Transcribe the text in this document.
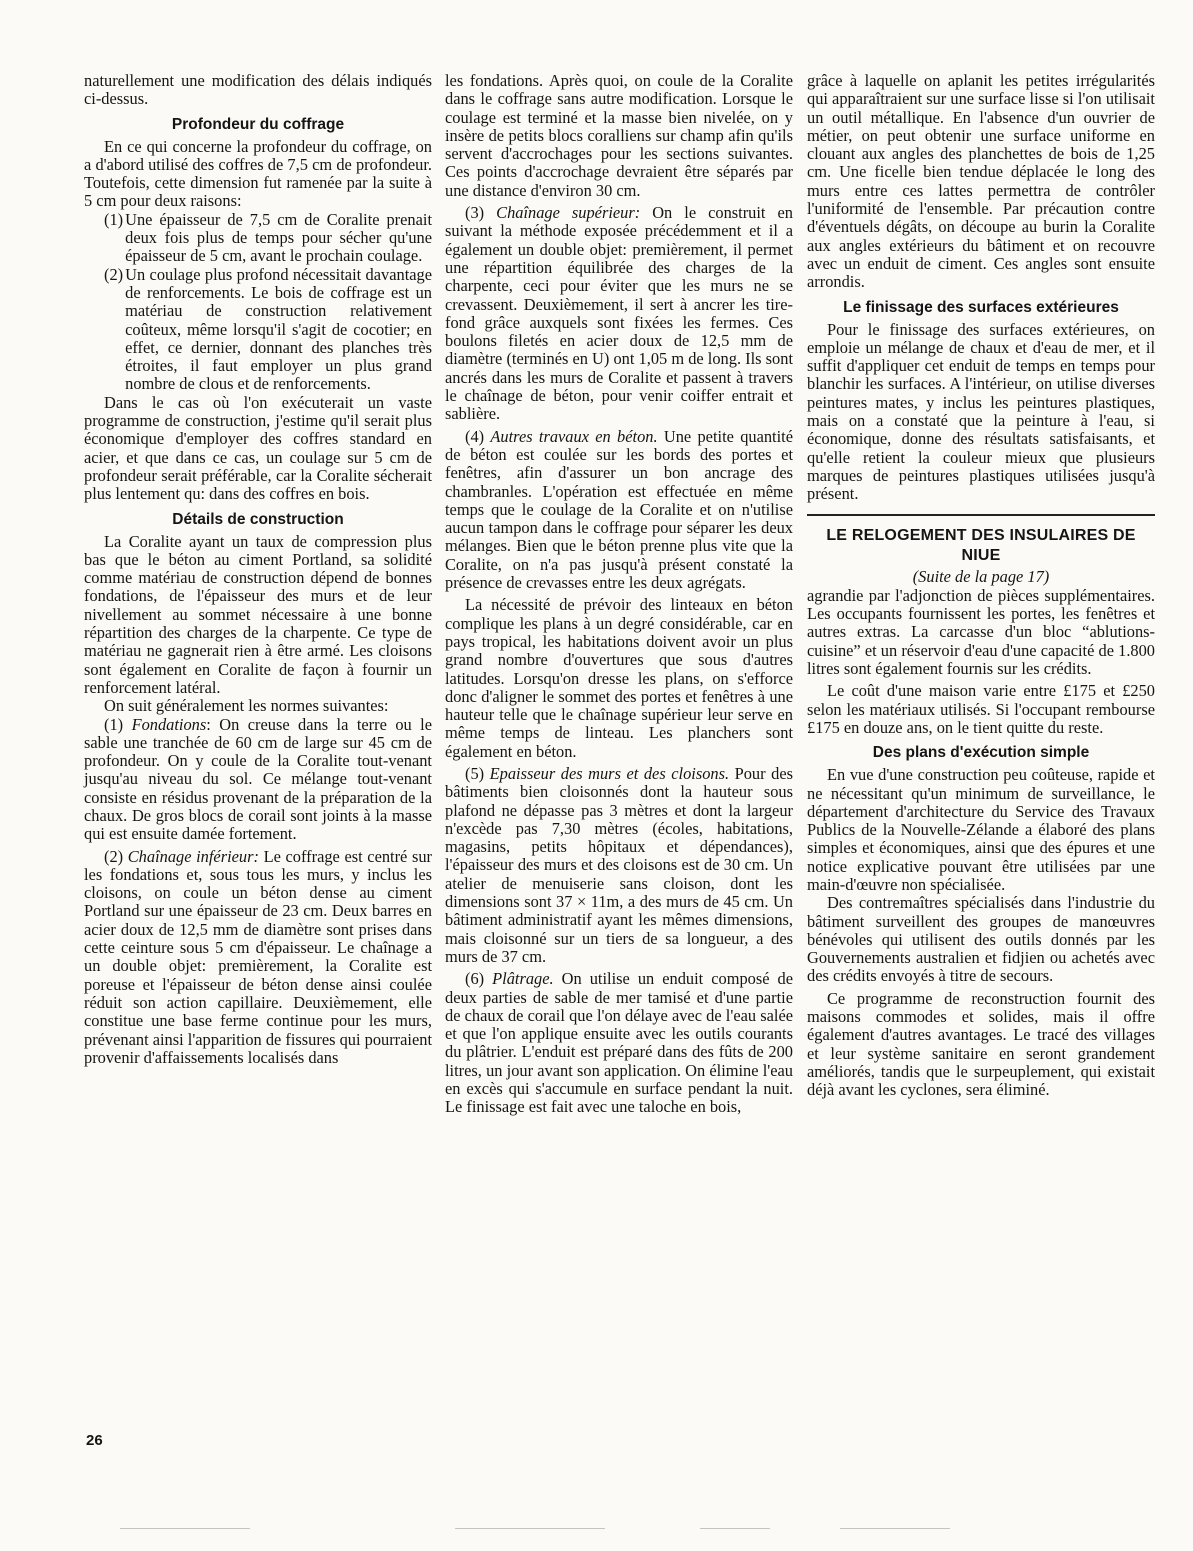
naturellement une modification des délais indiqués ci-dessus.

Profondeur du coffrage

En ce qui concerne la profondeur du coffrage, on a d'abord utilisé des coffres de 7,5 cm de profondeur. Toutefois, cette dimension fut ramenée par la suite à 5 cm pour deux raisons:

(1) Une épaisseur de 7,5 cm de Coralite prenait deux fois plus de temps pour sécher qu'une épaisseur de 5 cm, avant le prochain coulage.
(2) Un coulage plus profond nécessitait davantage de renforcements. Le bois de coffrage est un matériau de construction relativement coûteux, même lorsqu'il s'agit de cocotier; en effet, ce dernier, donnant des planches très étroites, il faut employer un plus grand nombre de clous et de renforcements.

Dans le cas où l'on exécuterait un vaste programme de construction, j'estime qu'il serait plus économique d'employer des coffres standard en acier, et que dans ce cas, un coulage sur 5 cm de profondeur serait préférable, car la Coralite sécherait plus lentement qu: dans des coffres en bois.

Détails de construction

La Coralite ayant un taux de compression plus bas que le béton au ciment Portland, sa solidité comme matériau de construction dépend de bonnes fondations, de l'épaisseur des murs et de leur nivellement au sommet nécessaire à une bonne répartition des charges de la charpente. Ce type de matériau ne gagnerait rien à être armé. Les cloisons sont également en Coralite de façon à fournir un renforcement latéral.

On suit généralement les normes suivantes:

(1) Fondations: On creuse dans la terre ou le sable une tranchée de 60 cm de large sur 45 cm de profondeur. On y coule de la Coralite tout-venant jusqu'au niveau du sol. Ce mélange tout-venant consiste en résidus provenant de la préparation de la chaux. De gros blocs de corail sont joints à la masse qui est ensuite damée fortement.

(2) Chaînage inférieur: Le coffrage est centré sur les fondations et, sous tous les murs, y inclus les cloisons, on coule un béton dense au ciment Portland sur une épaisseur de 23 cm. Deux barres en acier doux de 12,5 mm de diamètre sont prises dans cette ceinture sous 5 cm d'épaisseur. Le chaînage a un double objet: premièrement, la Coralite est poreuse et l'épaisseur de béton dense ainsi coulée réduit son action capillaire. Deuxièmement, elle constitue une base ferme continue pour les murs, prévenant ainsi l'apparition de fissures qui pourraient provenir d'affaissements localisés dans

les fondations. Après quoi, on coule de la Coralite dans le coffrage sans autre modification. Lorsque le coulage est terminé et la masse bien nivelée, on y insère de petits blocs coralliens sur champ afin qu'ils servent d'accrochages pour les sections suivantes. Ces points d'accrochage devraient être séparés par une distance d'environ 30 cm.

(3) Chaînage supérieur: On le construit en suivant la méthode exposée précédemment et il a également un double objet: premièrement, il permet une répartition équilibrée des charges de la charpente, ceci pour éviter que les murs ne se crevassent. Deuxièmement, il sert à ancrer les tire-fond grâce auxquels sont fixées les fermes. Ces boulons filetés en acier doux de 12,5 mm de diamètre (terminés en U) ont 1,05 m de long. Ils sont ancrés dans les murs de Coralite et passent à travers le chaînage de béton, pour venir coiffer entrait et sablière.

(4) Autres travaux en béton. Une petite quantité de béton est coulée sur les bords des portes et fenêtres, afin d'assurer un bon ancrage des chambranles. L'opération est effectuée en même temps que le coulage de la Coralite et on n'utilise aucun tampon dans le coffrage pour séparer les deux mélanges. Bien que le béton prenne plus vite que la Coralite, on n'a pas jusqu'à présent constaté la présence de crevasses entre les deux agrégats.

La nécessité de prévoir des linteaux en béton complique les plans à un degré considérable, car en pays tropical, les habitations doivent avoir un plus grand nombre d'ouvertures que sous d'autres latitudes. Lorsqu'on dresse les plans, on s'efforce donc d'aligner le sommet des portes et fenêtres à une hauteur telle que le chaînage supérieur leur serve en même temps de linteau. Les planchers sont également en béton.

(5) Epaisseur des murs et des cloisons. Pour des bâtiments bien cloisonnés dont la hauteur sous plafond ne dépasse pas 3 mètres et dont la largeur n'excède pas 7,30 mètres (écoles, habitations, magasins, petits hôpitaux et dépendances), l'épaisseur des murs et des cloisons est de 30 cm. Un atelier de menuiserie sans cloison, dont les dimensions sont 37 × 11m, a des murs de 45 cm. Un bâtiment administratif ayant les mêmes dimensions, mais cloisonné sur un tiers de sa longueur, a des murs de 37 cm.

(6) Plâtrage. On utilise un enduit composé de deux parties de sable de mer tamisé et d'une partie de chaux de corail que l'on délaye avec de l'eau salée et que l'on applique ensuite avec les outils courants du plâtrier. L'enduit est préparé dans des fûts de 200 litres, un jour avant son application. On élimine l'eau en excès qui s'accumule en surface pendant la nuit. Le finissage est fait avec une taloche en bois,

grâce à laquelle on aplanit les petites irrégularités qui apparaîtraient sur une surface lisse si l'on utilisait un outil métallique. En l'absence d'un ouvrier de métier, on peut obtenir une surface uniforme en clouant aux angles des planchettes de bois de 1,25 cm. Une ficelle bien tendue déplacée le long des murs entre ces lattes permettra de contrôler l'uniformité de l'ensemble. Par précaution contre d'éventuels dégâts, on découpe au burin la Coralite aux angles extérieurs du bâtiment et on recouvre avec un enduit de ciment. Ces angles sont ensuite arrondis.

Le finissage des surfaces extérieures

Pour le finissage des surfaces extérieures, on emploie un mélange de chaux et d'eau de mer, et il suffit d'appliquer cet enduit de temps en temps pour blanchir les surfaces. A l'intérieur, on utilise diverses peintures mates, y inclus les peintures plastiques, mais on a constaté que la peinture à l'eau, si économique, donne des résultats satisfaisants, et qu'elle retient la couleur mieux que plusieurs marques de peintures plastiques utilisées jusqu'à présent.

LE RELOGEMENT DES INSULAIRES DE NIUE
(Suite de la page 17)

agrandie par l'adjonction de pièces supplémentaires. Les occupants fournissent les portes, les fenêtres et autres extras. La carcasse d'un bloc “ablutions-cuisine” et un réservoir d'eau d'une capacité de 1.800 litres sont également fournis sur les crédits.

Le coût d'une maison varie entre £175 et £250 selon les matériaux utilisés. Si l'occupant rembourse £175 en douze ans, on le tient quitte du reste.

Des plans d'exécution simple

En vue d'une construction peu coûteuse, rapide et ne nécessitant qu'un minimum de surveillance, le département d'architecture du Service des Travaux Publics de la Nouvelle-Zélande a élaboré des plans simples et économiques, ainsi que des épures et une notice explicative pouvant être utilisées par une main-d'œuvre non spécialisée.

Des contremaîtres spécialisés dans l'industrie du bâtiment surveillent des groupes de manœuvres bénévoles qui utilisent des outils donnés par les Gouvernements australien et fidjien ou achetés avec des crédits envoyés à titre de secours.

Ce programme de reconstruction fournit des maisons commodes et solides, mais il offre également d'autres avantages. Le tracé des villages et leur système sanitaire en seront grandement améliorés, tandis que le surpeuplement, qui existait déjà avant les cyclones, sera éliminé.

26
